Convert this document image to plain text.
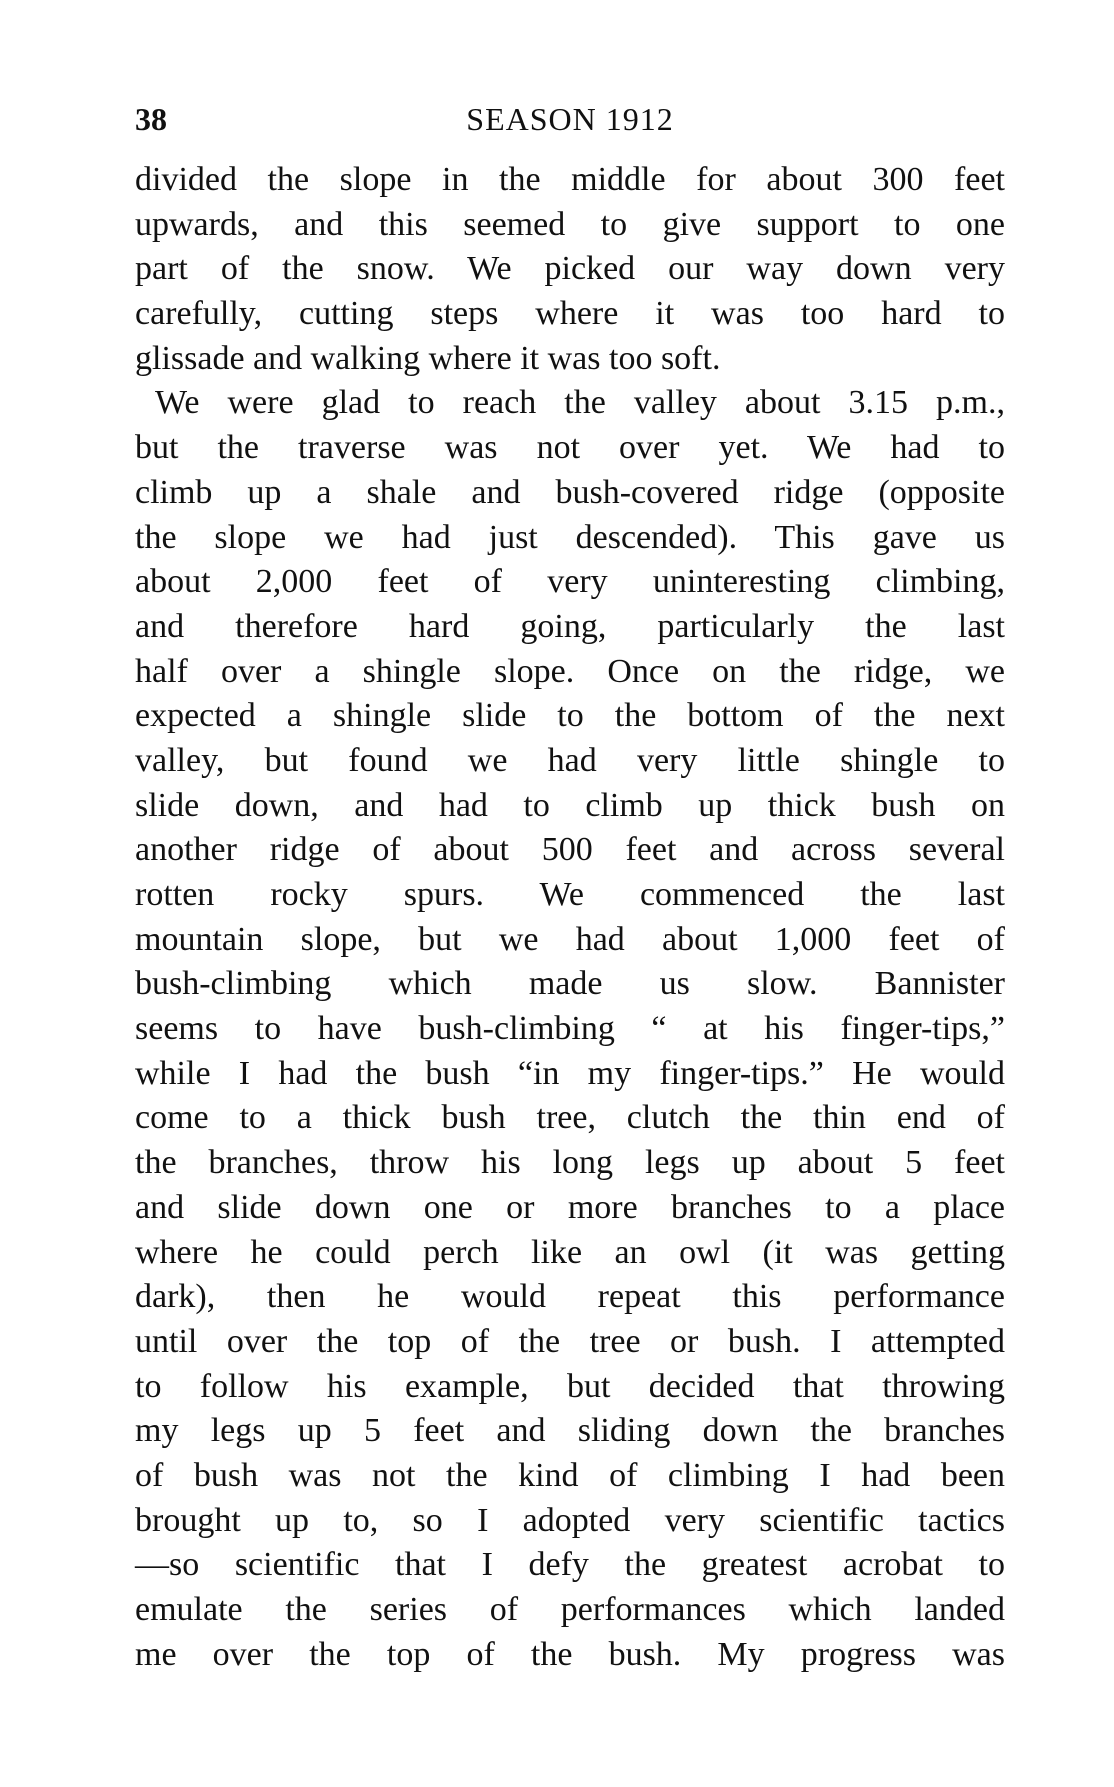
38	SEASON 1912
divided the slope in the middle for about 300 feet
upwards, and this seemed to give support to one
part of the snow. We picked our way down very
carefully, cutting steps where it was too hard to
glissade and walking where it was too soft.
We were glad to reach the valley about 3.15 p.m.,
but the traverse was not over yet. We had to
climb up a shale and bush-covered ridge (opposite
the slope we had just descended). This gave us
about 2,000 feet of very uninteresting climbing,
and therefore hard going, particularly the last
half over a shingle slope. Once on the ridge, we
expected a shingle slide to the bottom of the next
valley, but found we had very little shingle to
slide down, and had to climb up thick bush on
another ridge of about 500 feet and across several
rotten rocky spurs. We commenced the last
mountain slope, but we had about 1,000 feet of
bush-climbing which made us slow. Bannister
seems to have bush-climbing “ at his finger-tips,”
while I had the bush “in my finger-tips.” He would
come to a thick bush tree, clutch the thin end of
the branches, throw his long legs up about 5 feet
and slide down one or more branches to a place
where he could perch like an owl (it was getting
dark), then he would repeat this performance
until over the top of the tree or bush. I attempted
to follow his example, but decided that throwing
my legs up 5 feet and sliding down the branches
of bush was not the kind of climbing I had been
brought up to, so I adopted very scientific tactics
—so scientific that I defy the greatest acrobat to
emulate the series of performances which landed
me over the top of the bush. My progress was
